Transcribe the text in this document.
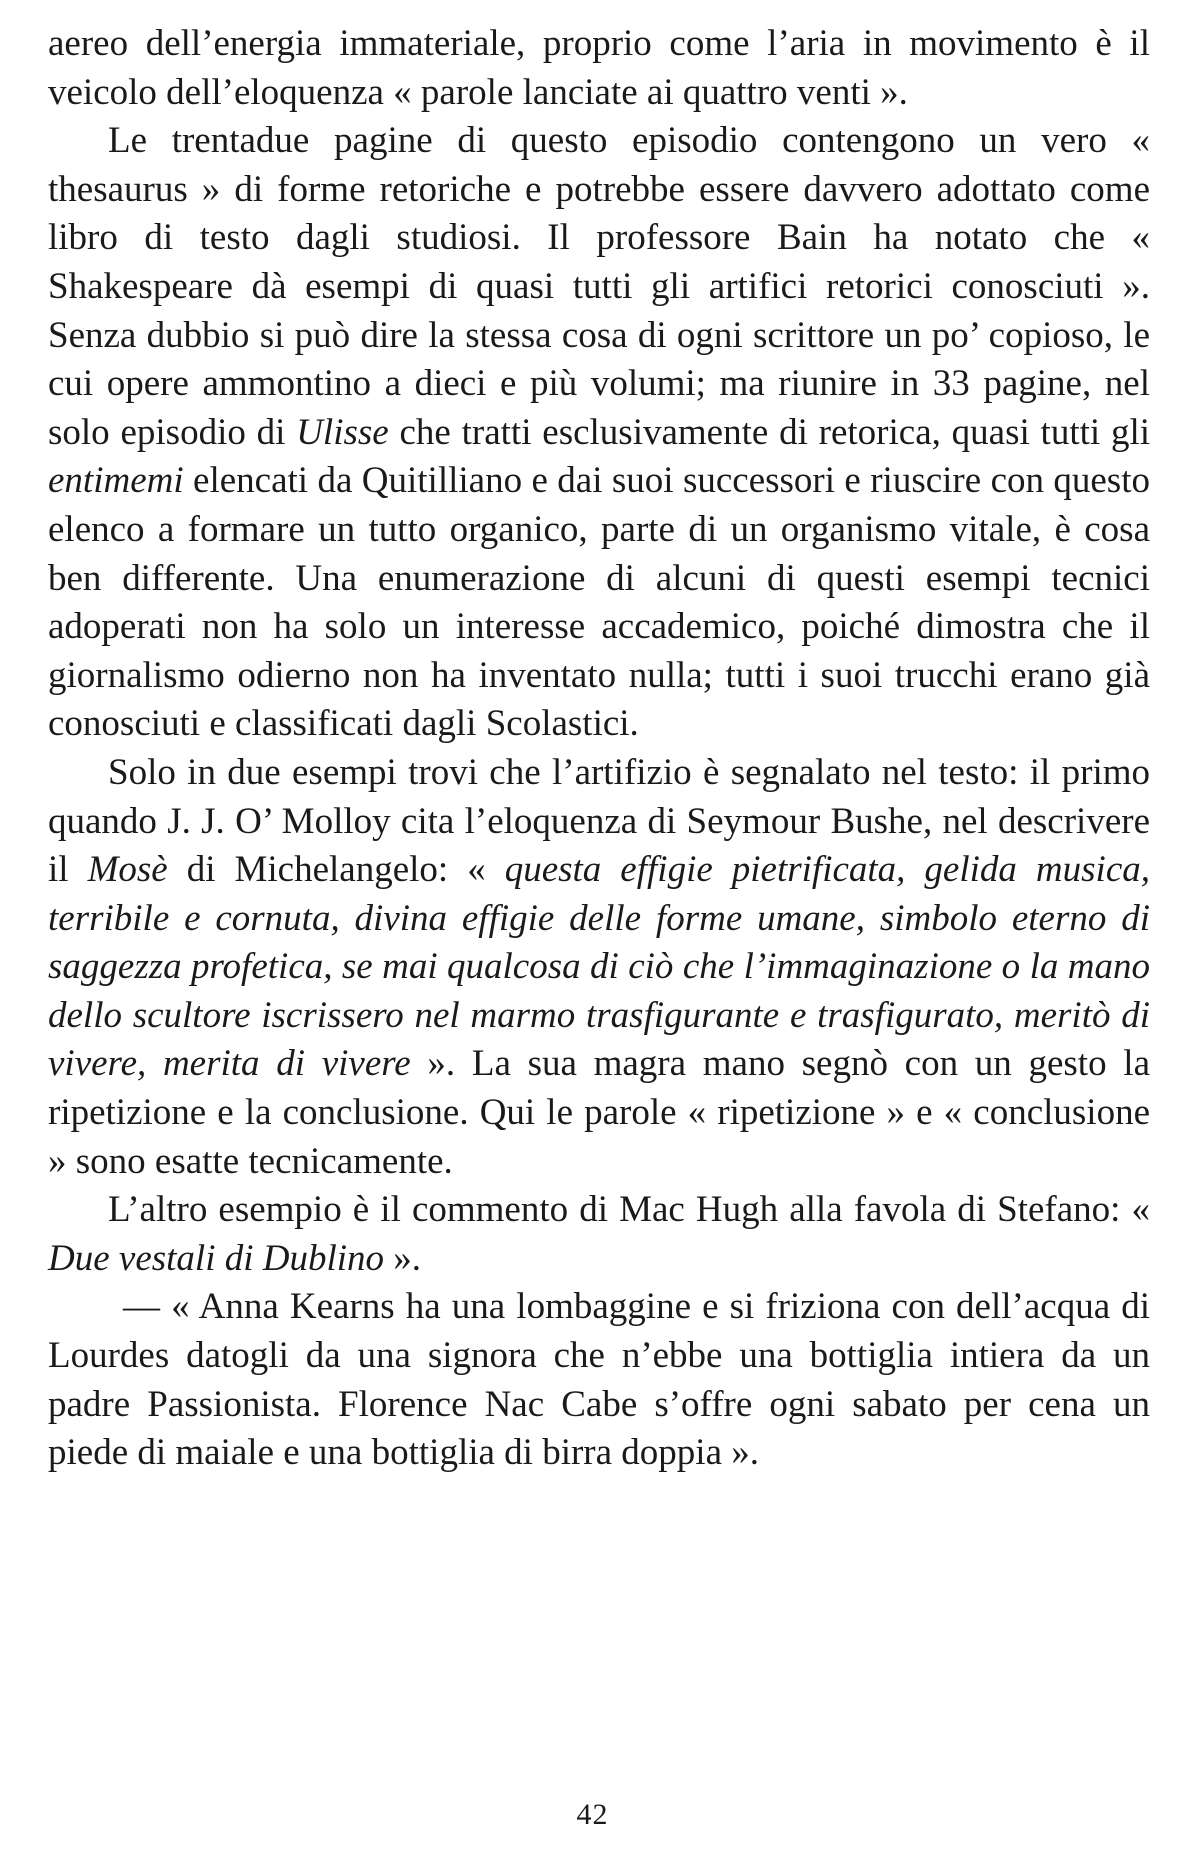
aereo dell’energia immateriale, proprio come l’aria in movimento è il veicolo dell’eloquenza « parole lanciate ai quattro venti ».

Le trentadue pagine di questo episodio contengono un vero « thesaurus » di forme retoriche e potrebbe essere davvero adottato come libro di testo dagli studiosi. Il professore Bain ha notato che « Shakespeare dà esempi di quasi tutti gli artifici retorici conosciuti ». Senza dubbio si può dire la stessa cosa di ogni scrittore un po’ copioso, le cui opere ammontino a dieci e più volumi; ma riunire in 33 pagine, nel solo episodio di Ulisse che tratti esclusivamente di retorica, quasi tutti gli entimemi elencati da Quitilliano e dai suoi successori e riuscire con questo elenco a formare un tutto organico, parte di un organismo vitale, è cosa ben differente. Una enumerazione di alcuni di questi esempi tecnici adoperati non ha solo un interesse accademico, poiché dimostra che il giornalismo odierno non ha inventato nulla; tutti i suoi trucchi erano già conosciuti e classificati dagli Scolastici.

Solo in due esempi trovi che l’artifizio è segnalato nel testo: il primo quando J. J. O’ Molloy cita l’eloquenza di Seymour Bushe, nel descrivere il Mosè di Michelangelo: « questa effigie pietrificata, gelida musica, terribile e cornuta, divina effigie delle forme umane, simbolo eterno di saggezza profetica, se mai qualcosa di ciò che l’immaginazione o la mano dello scultore iscrissero nel marmo trasfigurante e trasfigurato, meritò di vivere, merita di vivere ». La sua magra mano segnò con un gesto la ripetizione e la conclusione. Qui le parole « ripetizione » e « conclusione » sono esatte tecnicamente.

L’altro esempio è il commento di Mac Hugh alla favola di Stefano: « Due vestali di Dublino ».

— « Anna Kearns ha una lombaggine e si friziona con dell’acqua di Lourdes datogli da una signora che n’ebbe una bottiglia intiera da un padre Passionista. Florence Nac Cabe s’offre ogni sabato per cena un piede di maiale e una bottiglia di birra doppia ».

42
